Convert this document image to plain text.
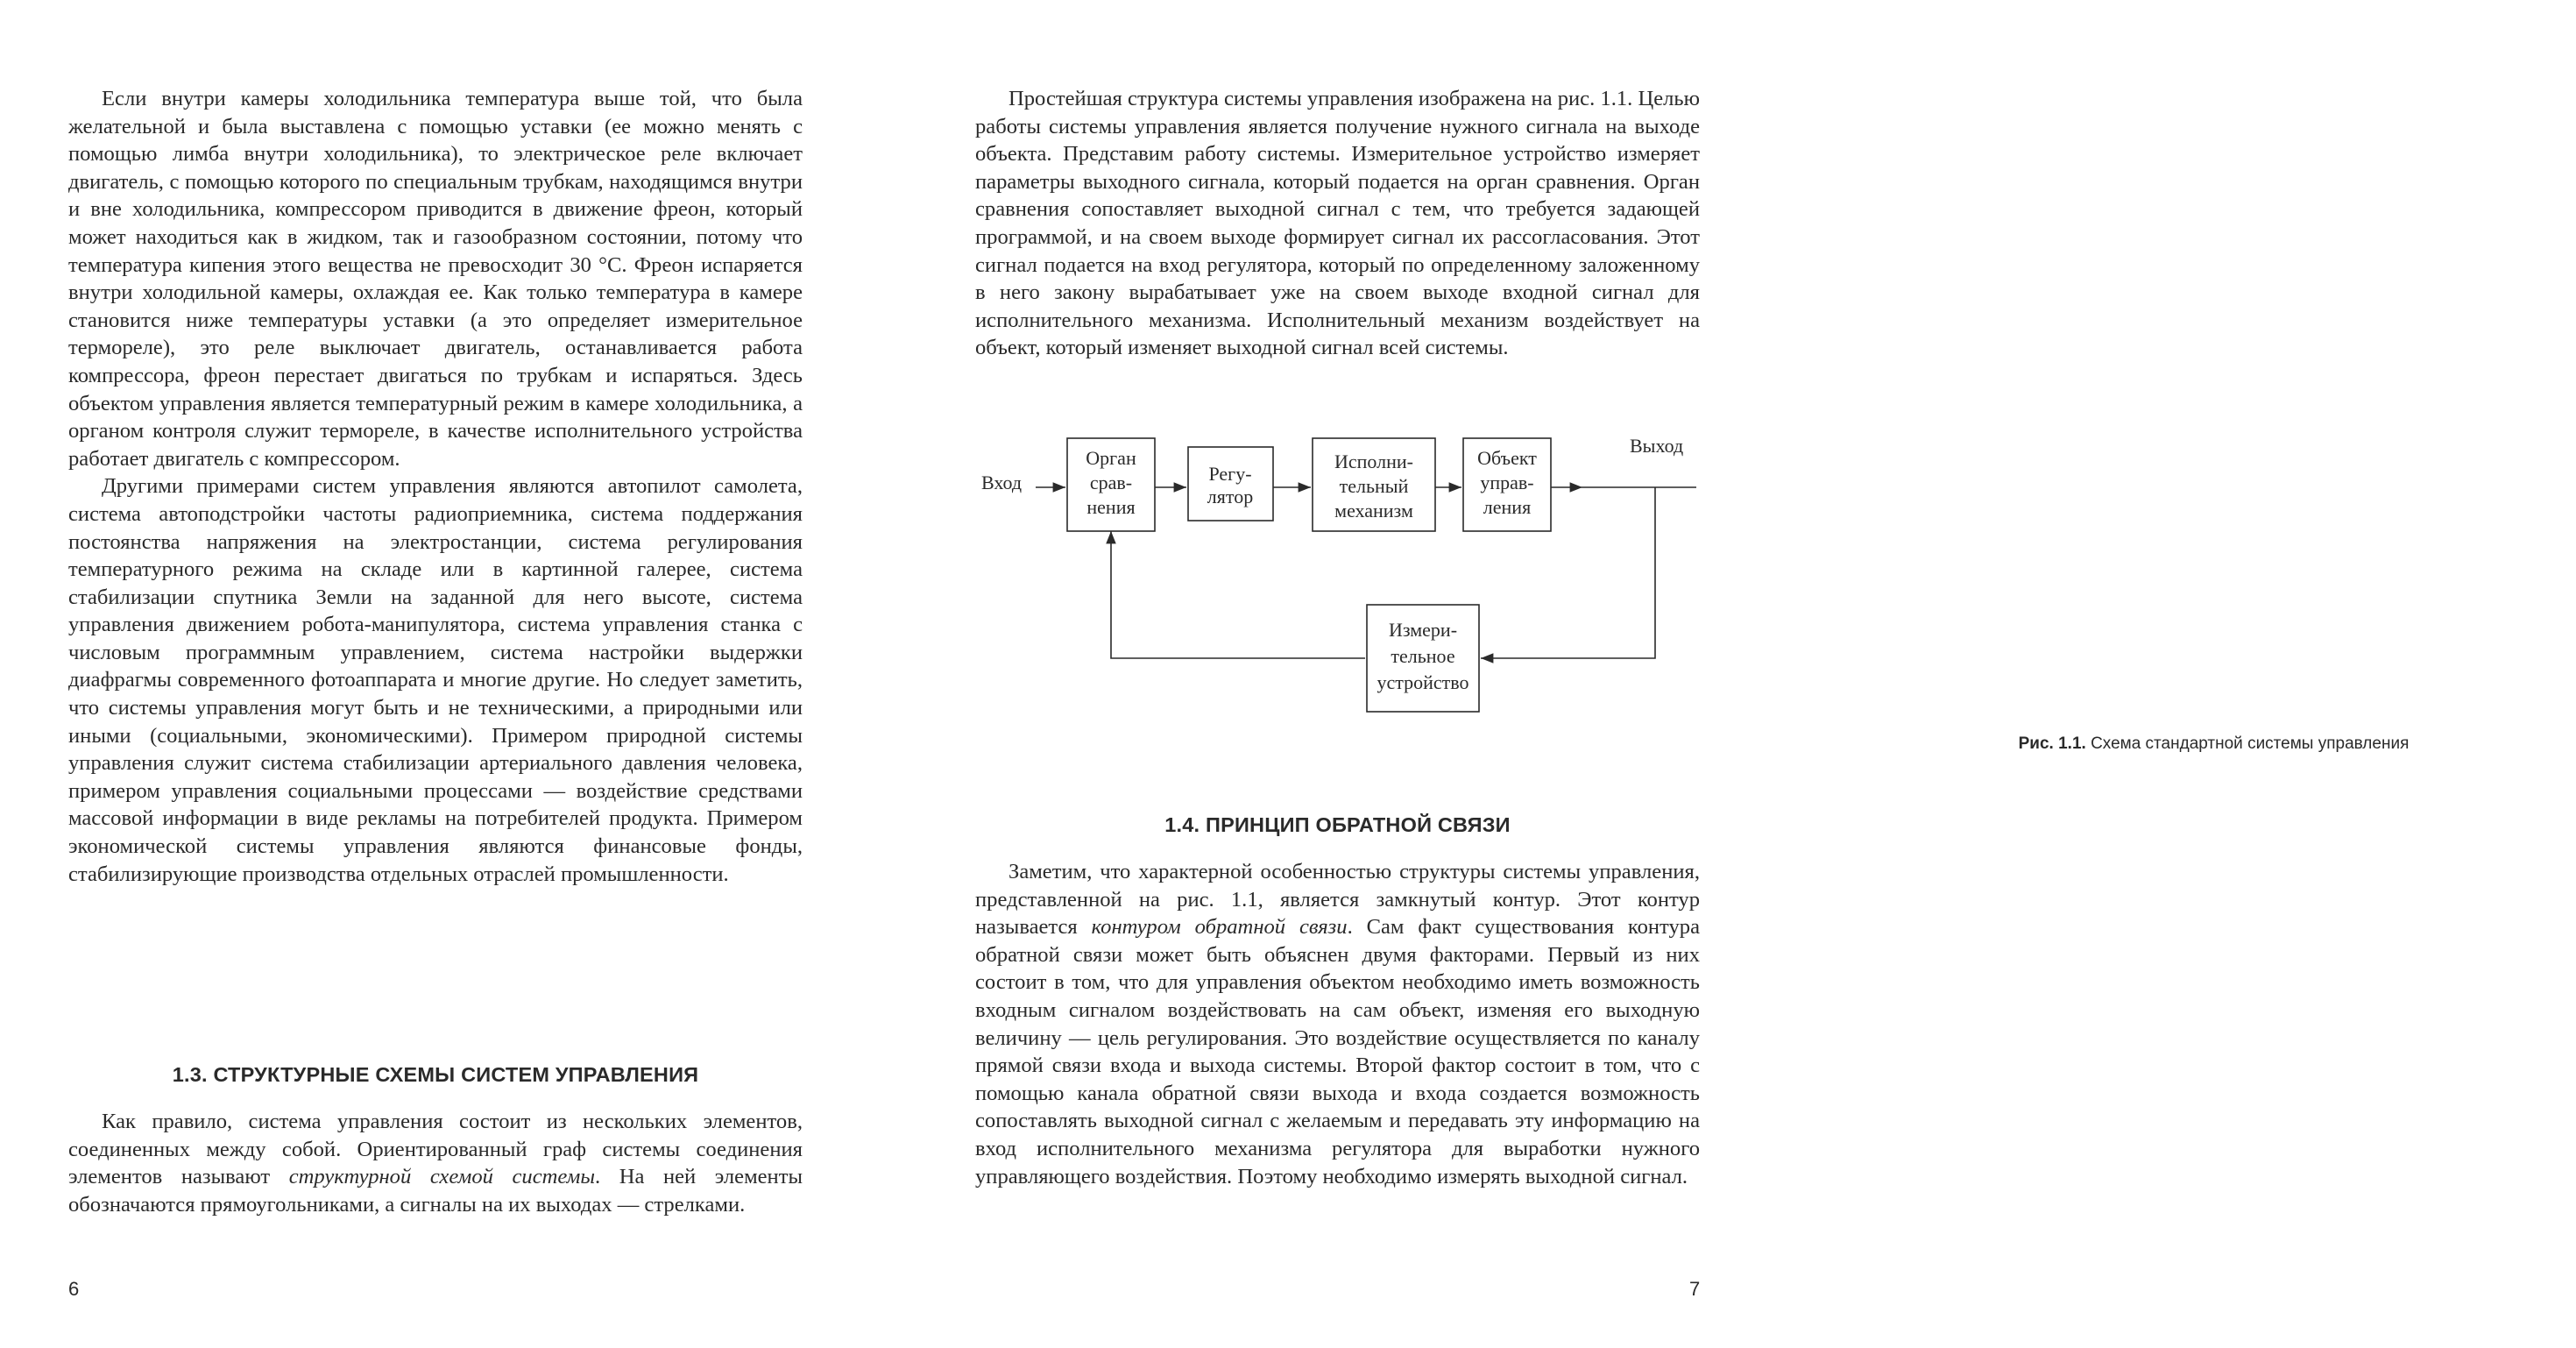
Если внутри камеры холодильника температура выше той, что была желательной и была выставлена с помощью уставки (ее можно менять с помощью лимба внутри холодильника), то электрическое реле включает двигатель, с помощью которого по специальным трубкам, находящимся внутри и вне холодильника, компрессором приводится в движение фреон, который может находиться как в жидком, так и газообразном состоянии, потому что температура кипения этого вещества не превосходит 30 °С. Фреон испаряется внутри холодильной камеры, охлаждая ее. Как только температура в камере становится ниже температуры уставки (а это определяет измерительное термореле), это реле выключает двигатель, останавливается работа компрессора, фреон перестает двигаться по трубкам и испаряться. Здесь объектом управления является температурный режим в камере холодильника, а органом контроля служит термореле, в качестве исполнительного устройства работает двигатель с компрессором.

Другими примерами систем управления являются автопилот самолета, система автоподстройки частоты радиоприемника, система поддержания постоянства напряжения на электростанции, система регулирования температурного режима на складе или в картинной галерее, система стабилизации спутника Земли на заданной для него высоте, система управления движением робота-манипулятора, система управления станка с числовым программным управлением, система настройки выдержки диафрагмы современного фотоаппарата и многие другие. Но следует заметить, что системы управления могут быть и не техническими, а природными или иными (социальными, экономическими). Примером природной системы управления служит система стабилизации артериального давления человека, примером управления социальными процессами — воздействие средствами массовой информации в виде рекламы на потребителей продукта. Примером экономической системы управления являются финансовые фонды, стабилизирующие производства отдельных отраслей промышленности.

1.3. СТРУКТУРНЫЕ СХЕМЫ СИСТЕМ УПРАВЛЕНИЯ

Как правило, система управления состоит из нескольких элементов, соединенных между собой. Ориентированный граф системы соединения элементов называют структурной схемой системы. На ней элементы обозначаются прямоугольниками, а сигналы на их выходах — стрелками.

6

Простейшая структура системы управления изображена на рис. 1.1. Целью работы системы управления является получение нужного сигнала на выходе объекта. Представим работу системы. Измерительное устройство измеряет параметры выходного сигнала, который подается на орган сравнения. Орган сравнения сопоставляет выходной сигнал с тем, что требуется задающей программой, и на своем выходе формирует сигнал их рассогласования. Этот сигнал подается на вход регулятора, который по определенному заложенному в него закону вырабатывает уже на своем выходе входной сигнал для исполнительного механизма. Исполнительный механизм воздействует на объект, который изменяет выходной сигнал всей системы.

Рис. 1.1. Схема стандартной системы управления
1.4. ПРИНЦИП ОБРАТНОЙ СВЯЗИ

Заметим, что характерной особенностью структуры системы управления, представленной на рис. 1.1, является замкнутый контур. Этот контур называется контуром обратной связи. Сам факт существования контура обратной связи может быть объяснен двумя факторами. Первый из них состоит в том, что для управления объектом необходимо иметь возможность входным сигналом воздействовать на сам объект, изменяя его выходную величину — цель регулирования. Это воздействие осуществляется по каналу прямой связи входа и выхода системы. Второй фактор состоит в том, что с помощью канала обратной связи выхода и входа создается возможность сопоставлять выходной сигнал с желаемым и передавать эту информацию на вход исполнительного механизма регулятора для выработки нужного управляющего воздействия. Поэтому необходимо измерять выходной сигнал.

7
Вход
Выход
Орган
срав-
нения
Регу-
лятор
Исполни-
тельный
механизм
Объект
управ-
ления
Измери-
тельное
устройство
